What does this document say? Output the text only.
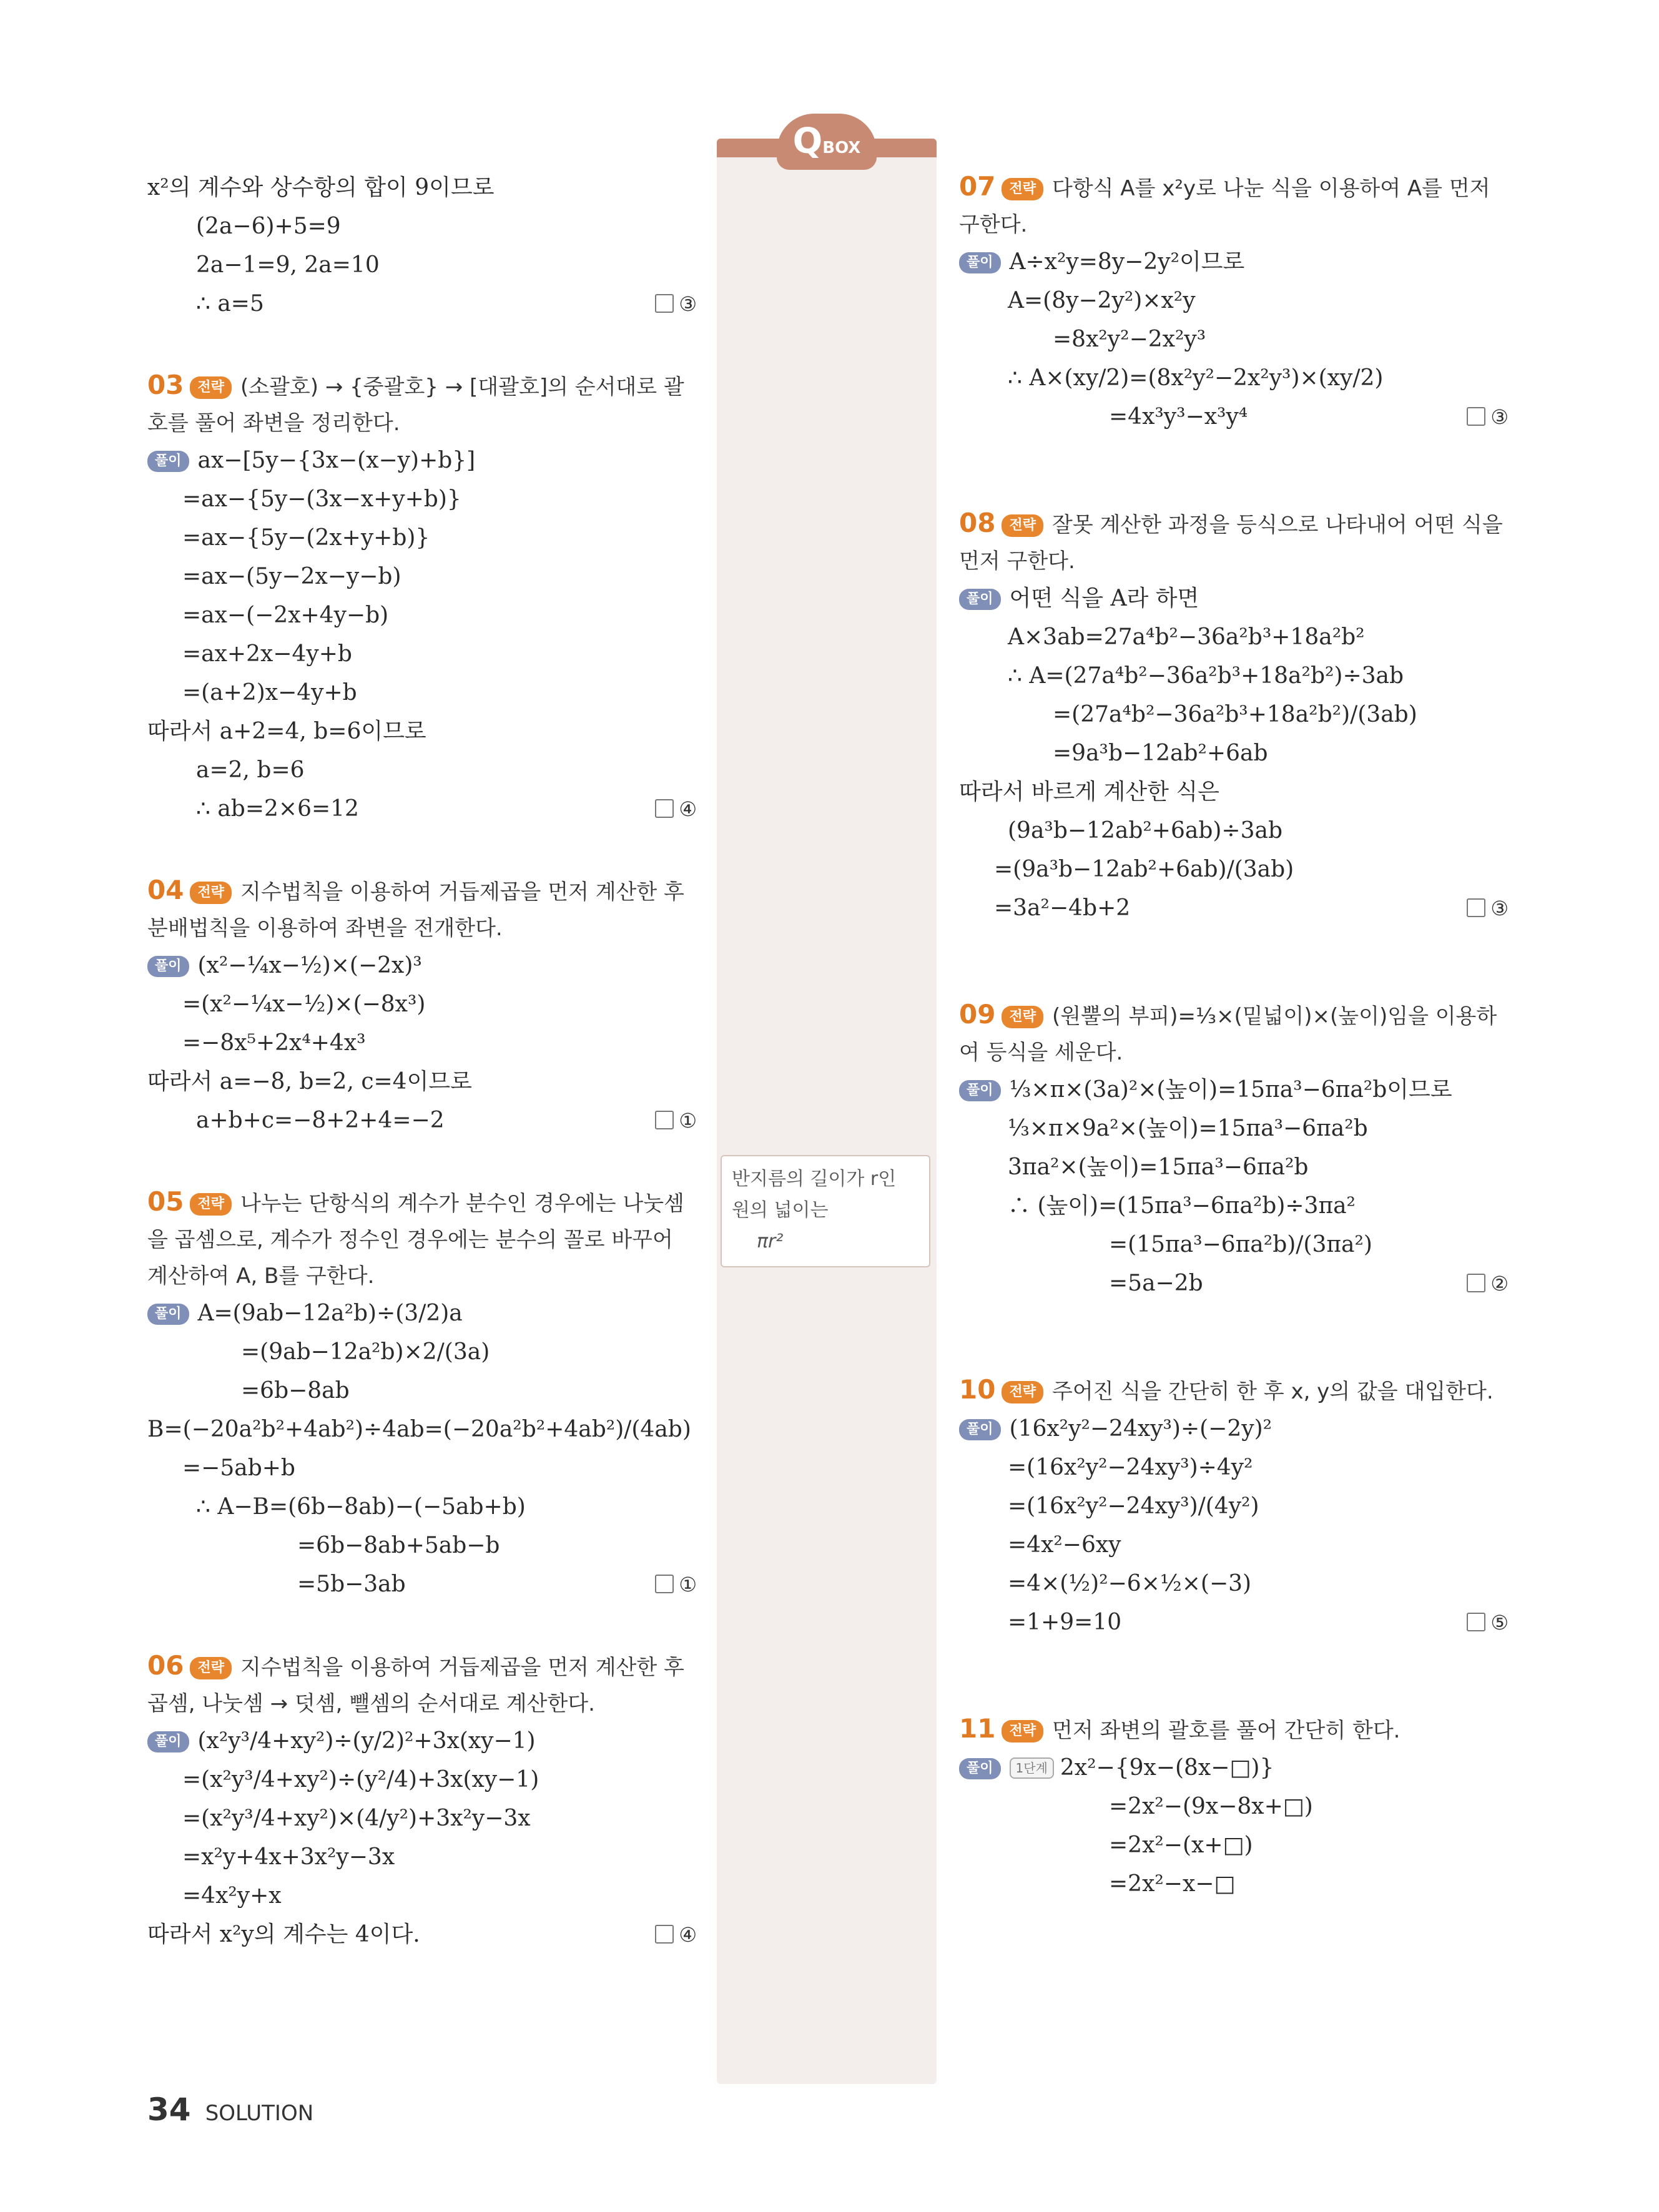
QBOX
반지름의 길이가 r인
원의 넓이는
πr²
x²의 계수와 상수항의 합이 9이므로
(2a−6)+5=9
2a−1=9, 2a=10
∴ a=5	③
03 전략 (소괄호) → {중괄호} → [대괄호]의 순서대로 괄호를 풀어 좌변을 정리한다.
풀이 ax−[5y−{3x−(x−y)+b}]
=ax−{5y−(3x−x+y+b)}
=ax−{5y−(2x+y+b)}
=ax−(5y−2x−y−b)
=ax−(−2x+4y−b)
=ax+2x−4y+b
=(a+2)x−4y+b
따라서 a+2=4, b=6이므로
a=2, b=6
∴ ab=2×6=12	④
04 전략 지수법칙을 이용하여 거듭제곱을 먼저 계산한 후 분배법칙을 이용하여 좌변을 전개한다.
풀이 (x²−¼x−½)×(−2x)³
=(x²−¼x−½)×(−8x³)
=−8x⁵+2x⁴+4x³
따라서 a=−8, b=2, c=4이므로
a+b+c=−8+2+4=−2	①
05 전략 나누는 단항식의 계수가 분수인 경우에는 나눗셈을 곱셈으로, 계수가 정수인 경우에는 분수의 꼴로 바꾸어 계산하여 A, B를 구한다.
풀이 A=(9ab−12a²b)÷(3/2)a
=(9ab−12a²b)×2/(3a)
=6b−8ab
B=(−20a²b²+4ab²)÷4ab=(−20a²b²+4ab²)/(4ab)
=−5ab+b
∴ A−B=(6b−8ab)−(−5ab+b)
=6b−8ab+5ab−b
=5b−3ab	①
06 전략 지수법칙을 이용하여 거듭제곱을 먼저 계산한 후 곱셈, 나눗셈 → 덧셈, 뺄셈의 순서대로 계산한다.
풀이 (x²y³/4+xy²)÷(y/2)²+3x(xy−1)
=(x²y³/4+xy²)÷(y²/4)+3x(xy−1)
=(x²y³/4+xy²)×(4/y²)+3x²y−3x
=x²y+4x+3x²y−3x
=4x²y+x
따라서 x²y의 계수는 4이다.	④
07 전략 다항식 A를 x²y로 나눈 식을 이용하여 A를 먼저 구한다.
풀이 A÷x²y=8y−2y²이므로
A=(8y−2y²)×x²y
=8x²y²−2x²y³
∴ A×(xy/2)=(8x²y²−2x²y³)×(xy/2)
=4x³y³−x³y⁴	③
08 전략 잘못 계산한 과정을 등식으로 나타내어 어떤 식을 먼저 구한다.
풀이 어떤 식을 A라 하면
A×3ab=27a⁴b²−36a²b³+18a²b²
∴ A=(27a⁴b²−36a²b³+18a²b²)÷3ab
=(27a⁴b²−36a²b³+18a²b²)/(3ab)
=9a³b−12ab²+6ab
따라서 바르게 계산한 식은
(9a³b−12ab²+6ab)÷3ab
=(9a³b−12ab²+6ab)/(3ab)
=3a²−4b+2	③
09 전략 (원뿔의 부피)=⅓×(밑넓이)×(높이)임을 이용하여 등식을 세운다.
풀이 ⅓×π×(3a)²×(높이)=15πa³−6πa²b이므로
⅓×π×9a²×(높이)=15πa³−6πa²b
3πa²×(높이)=15πa³−6πa²b
∴ (높이)=(15πa³−6πa²b)÷3πa²
=(15πa³−6πa²b)/(3πa²)
=5a−2b	②
10 전략 주어진 식을 간단히 한 후 x, y의 값을 대입한다.
풀이 (16x²y²−24xy³)÷(−2y)²
=(16x²y²−24xy³)÷4y²
=(16x²y²−24xy³)/(4y²)
=4x²−6xy
=4×(½)²−6×½×(−3)
=1+9=10	⑤
11 전략 먼저 좌변의 괄호를 풀어 간단히 한다.
풀이 1단계 2x²−{9x−(8x−□)}
=2x²−(9x−8x+□)
=2x²−(x+□)
=2x²−x−□
34 SOLUTION
